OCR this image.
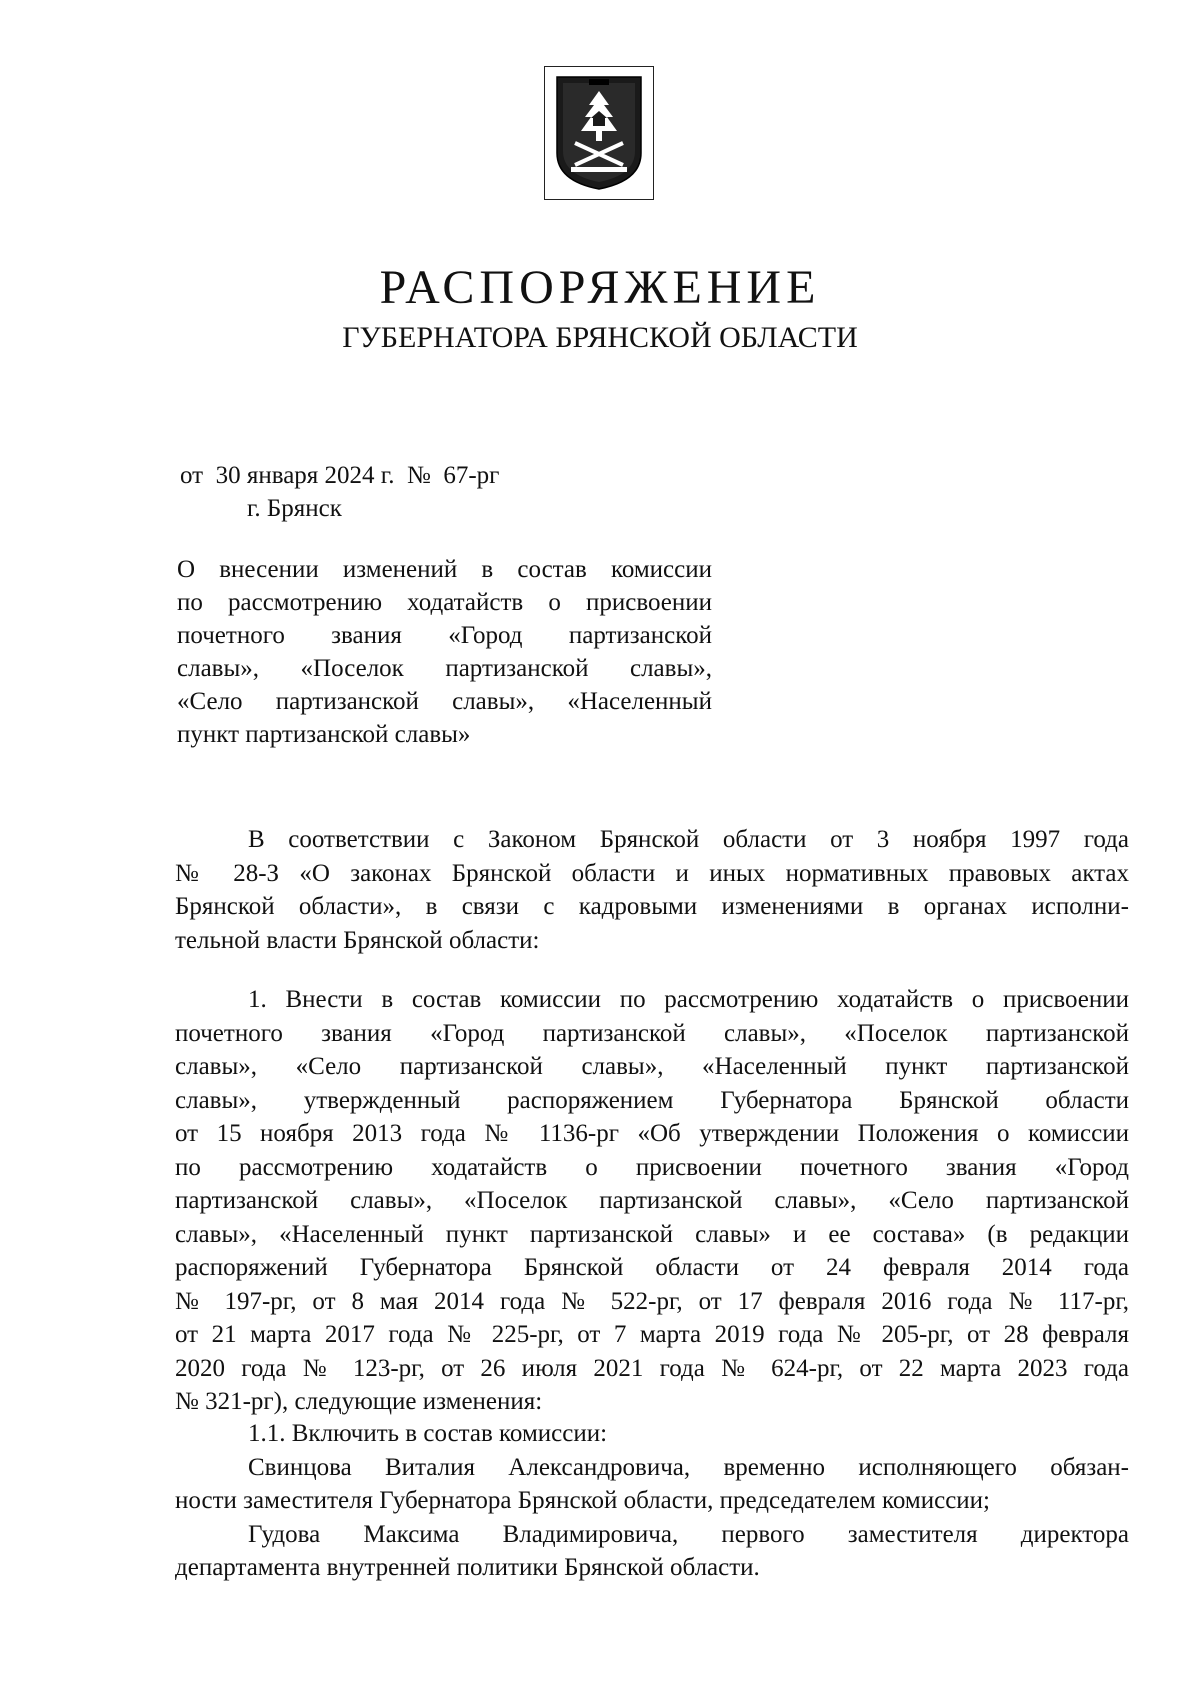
РАСПОРЯЖЕНИЕ
ГУБЕРНАТОРА БРЯНСКОЙ ОБЛАСТИ
от  30 января 2024 г.  №  67-рг
г. Брянск
О внесении изменений в состав комиссии
по рассмотрению ходатайств о присвоении
почетного звания «Город партизанской
славы», «Поселок партизанской славы»,
«Село партизанской славы», «Населенный
пункт партизанской славы»
В соответствии с Законом Брянской области от 3 ноября 1997 года
№ 28-З «О законах Брянской области и иных нормативных правовых актах
Брянской области», в связи с кадровыми изменениями в органах исполни-
тельной власти Брянской области:
1. Внести в состав комиссии по рассмотрению ходатайств о присвоении
почетного звания «Город партизанской славы», «Поселок партизанской
славы», «Село партизанской славы», «Населенный пункт партизанской
славы», утвержденный распоряжением Губернатора Брянской области
от 15 ноября 2013 года № 1136-рг «Об утверждении Положения о комиссии
по рассмотрению ходатайств о присвоении почетного звания «Город
партизанской славы», «Поселок партизанской славы», «Село партизанской
славы», «Населенный пункт партизанской славы» и ее состава» (в редакции
распоряжений Губернатора Брянской области от 24 февраля 2014 года
№ 197-рг, от 8 мая 2014 года № 522-рг, от 17 февраля 2016 года № 117-рг,
от 21 марта 2017 года № 225-рг, от 7 марта 2019 года № 205-рг, от 28 февраля
2020 года № 123-рг, от 26 июля 2021 года № 624-рг, от 22 марта 2023 года
№ 321-рг), следующие изменения:
1.1. Включить в состав комиссии:
Свинцова Виталия Александровича, временно исполняющего обязан-
ности заместителя Губернатора Брянской области, председателем комиссии;
Гудова Максима Владимировича, первого заместителя директора
департамента внутренней политики Брянской области.
